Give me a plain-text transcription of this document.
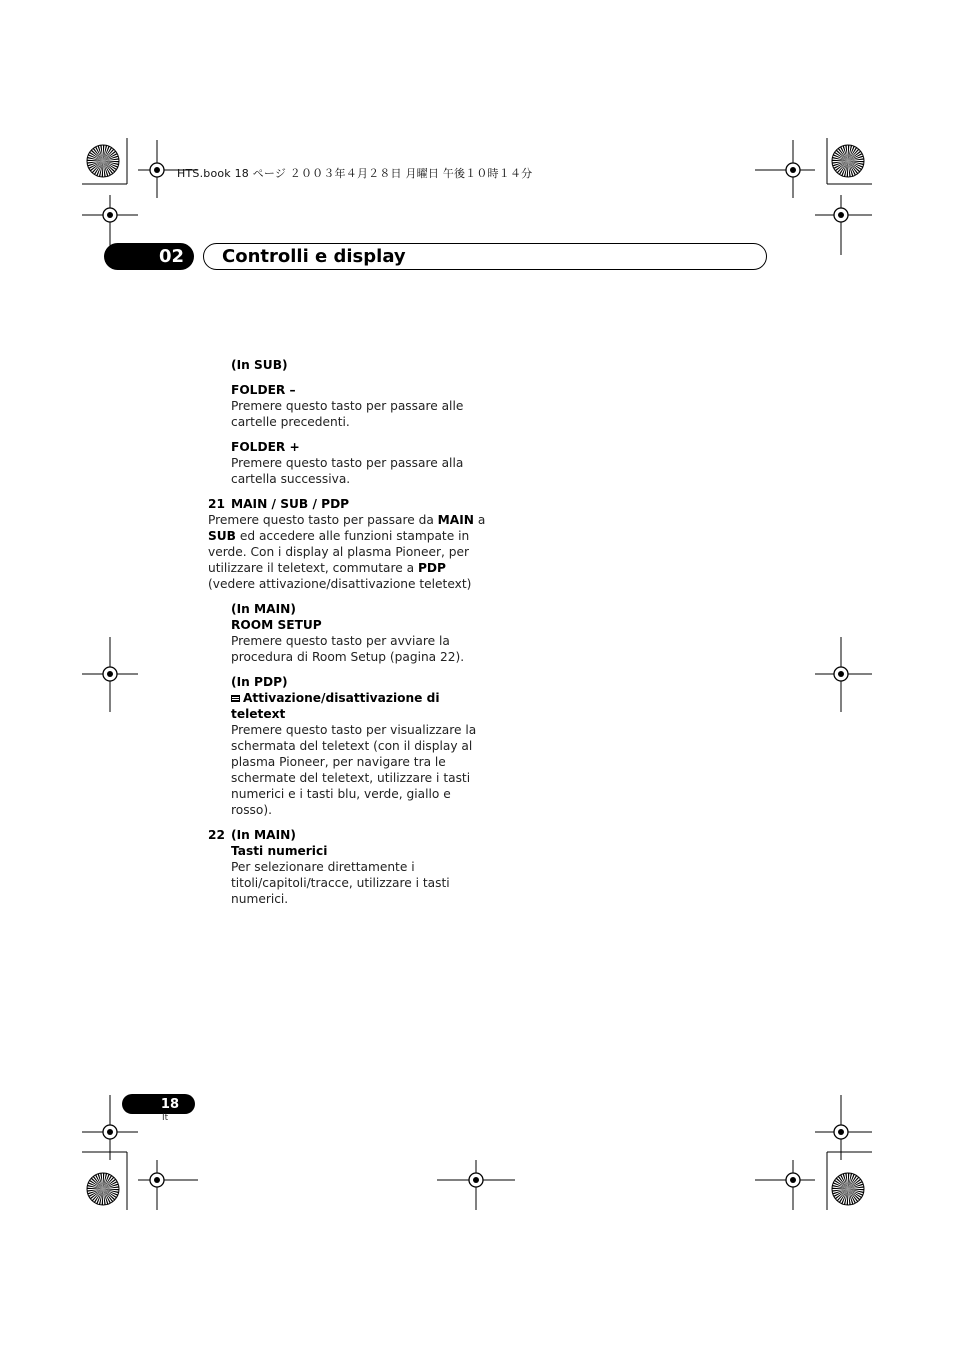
HTS.book 18 ページ ２００３年４月２８日 月曜日 午後１０時１４分
02	Controlli e display

(In SUB)

FOLDER –

Premere questo tasto per passare alle cartelle precedenti.

FOLDER +

Premere questo tasto per passare alla cartella successiva.

21 MAIN / SUB / PDP

Premere questo tasto per passare da MAIN a SUB ed accedere alle funzioni stampate in verde. Con i display al plasma Pioneer, per utilizzare il teletext, commutare a PDP (vedere attivazione/disattivazione teletext)

(In MAIN)

ROOM SETUP

Premere questo tasto per avviare la procedura di Room Setup (pagina 22).

(In PDP)

Attivazione/disattivazione di teletext

Premere questo tasto per visualizzare la schermata del teletext (con il display al plasma Pioneer, per navigare tra le schermate del teletext, utilizzare i tasti numerici e i tasti blu, verde, giallo e rosso).

22 (In MAIN)

Tasti numerici

Per selezionare direttamente i titoli/capitoli/tracce, utilizzare i tasti numerici.

18
It
